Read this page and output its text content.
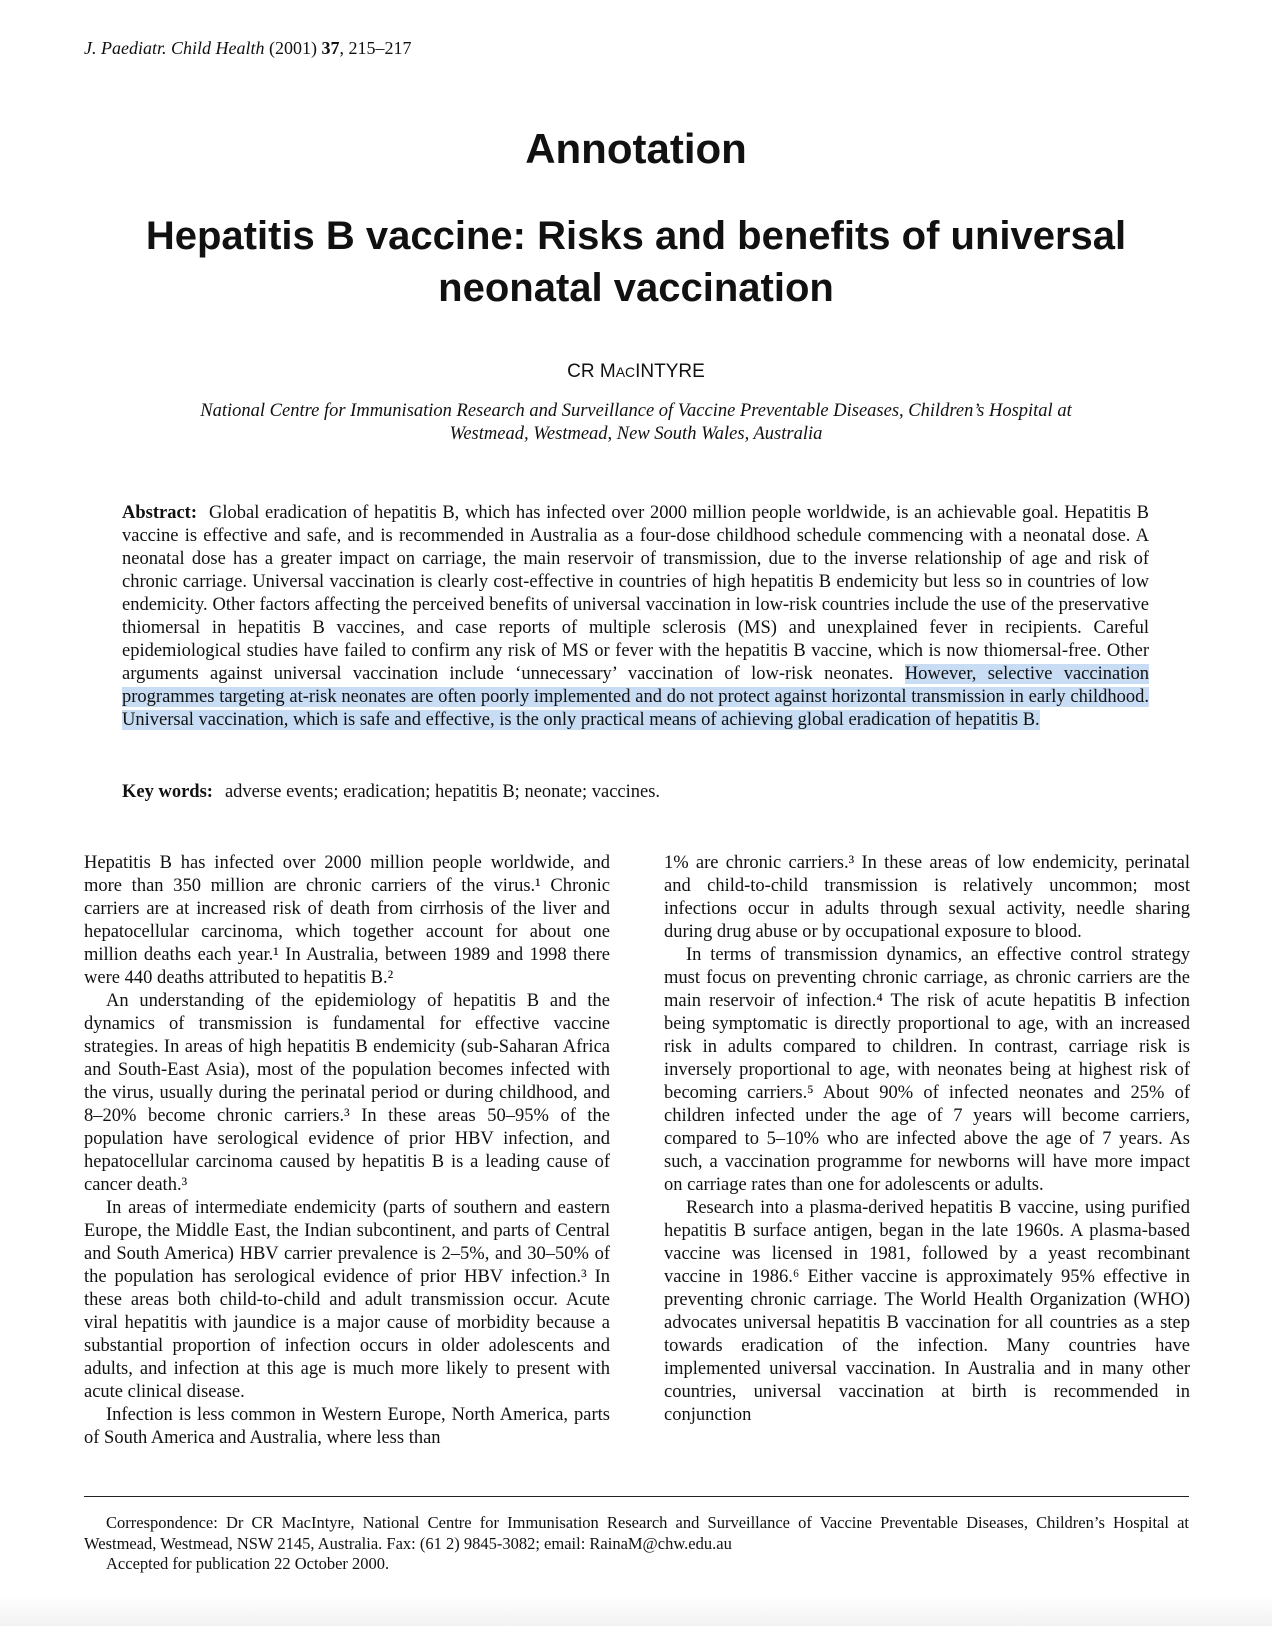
J. Paediatr. Child Health (2001) 37, 215–217
Annotation
Hepatitis B vaccine: Risks and benefits of universal
neonatal vaccination
CR MACINTYRE
National Centre for Immunisation Research and Surveillance of Vaccine Preventable Diseases, Children’s Hospital at
Westmead, Westmead, New South Wales, Australia
Abstract: Global eradication of hepatitis B, which has infected over 2000 million people worldwide, is an achievable goal. Hepatitis B vaccine is effective and safe, and is recommended in Australia as a four-dose childhood schedule commencing with a neonatal dose. A neonatal dose has a greater impact on carriage, the main reservoir of transmission, due to the inverse relationship of age and risk of chronic carriage. Universal vaccination is clearly cost-effective in countries of high hepatitis B endemicity but less so in countries of low endemicity. Other factors affecting the perceived benefits of universal vaccination in low-risk countries include the use of the preservative thiomersal in hepatitis B vaccines, and case reports of multiple sclerosis (MS) and unexplained fever in recipients. Careful epidemiological studies have failed to confirm any risk of MS or fever with the hepatitis B vaccine, which is now thiomersal-free. Other arguments against universal vaccination include ‘unnecessary’ vaccination of low-risk neonates. However, selective vaccination programmes targeting at-risk neonates are often poorly implemented and do not protect against horizontal transmission in early childhood. Universal vaccination, which is safe and effective, is the only practical means of achieving global eradication of hepatitis B.
Key words: adverse events; eradication; hepatitis B; neonate; vaccines.

Hepatitis B has infected over 2000 million people worldwide, and more than 350 million are chronic carriers of the virus.¹ Chronic carriers are at increased risk of death from cirrhosis of the liver and hepatocellular carcinoma, which together account for about one million deaths each year.¹ In Australia, between 1989 and 1998 there were 440 deaths attributed to hepatitis B.²

An understanding of the epidemiology of hepatitis B and the dynamics of transmission is fundamental for effective vaccine strategies. In areas of high hepatitis B endemicity (sub-Saharan Africa and South-East Asia), most of the population becomes infected with the virus, usually during the perinatal period or during childhood, and 8–20% become chronic carriers.³ In these areas 50–95% of the population have serological evidence of prior HBV infection, and hepatocellular carcinoma caused by hepatitis B is a leading cause of cancer death.³

In areas of intermediate endemicity (parts of southern and eastern Europe, the Middle East, the Indian subcontinent, and parts of Central and South America) HBV carrier prevalence is 2–5%, and 30–50% of the population has serological evidence of prior HBV infection.³ In these areas both child-to-child and adult transmission occur. Acute viral hepatitis with jaundice is a major cause of morbidity because a substantial proportion of infection occurs in older adolescents and adults, and infection at this age is much more likely to present with acute clinical disease.

Infection is less common in Western Europe, North America, parts of South America and Australia, where less than

1% are chronic carriers.³ In these areas of low endemicity, perinatal and child-to-child transmission is relatively uncommon; most infections occur in adults through sexual activity, needle sharing during drug abuse or by occupational exposure to blood.

In terms of transmission dynamics, an effective control strategy must focus on preventing chronic carriage, as chronic carriers are the main reservoir of infection.⁴ The risk of acute hepatitis B infection being symptomatic is directly proportional to age, with an increased risk in adults compared to children. In contrast, carriage risk is inversely proportional to age, with neonates being at highest risk of becoming carriers.⁵ About 90% of infected neonates and 25% of children infected under the age of 7 years will become carriers, compared to 5–10% who are infected above the age of 7 years. As such, a vaccination programme for newborns will have more impact on carriage rates than one for adolescents or adults.

Research into a plasma-derived hepatitis B vaccine, using purified hepatitis B surface antigen, began in the late 1960s. A plasma-based vaccine was licensed in 1981, followed by a yeast recombinant vaccine in 1986.⁶ Either vaccine is approximately 95% effective in preventing chronic carriage. The World Health Organization (WHO) advocates universal hepatitis B vaccination for all countries as a step towards eradication of the infection. Many countries have implemented universal vaccination. In Australia and in many other countries, universal vaccination at birth is recommended in conjunction

Correspondence: Dr CR MacIntyre, National Centre for Immunisation Research and Surveillance of Vaccine Preventable Diseases, Children’s Hospital at Westmead, Westmead, NSW 2145, Australia. Fax: (61 2) 9845-3082; email: RainaM@chw.edu.au

Accepted for publication 22 October 2000.
